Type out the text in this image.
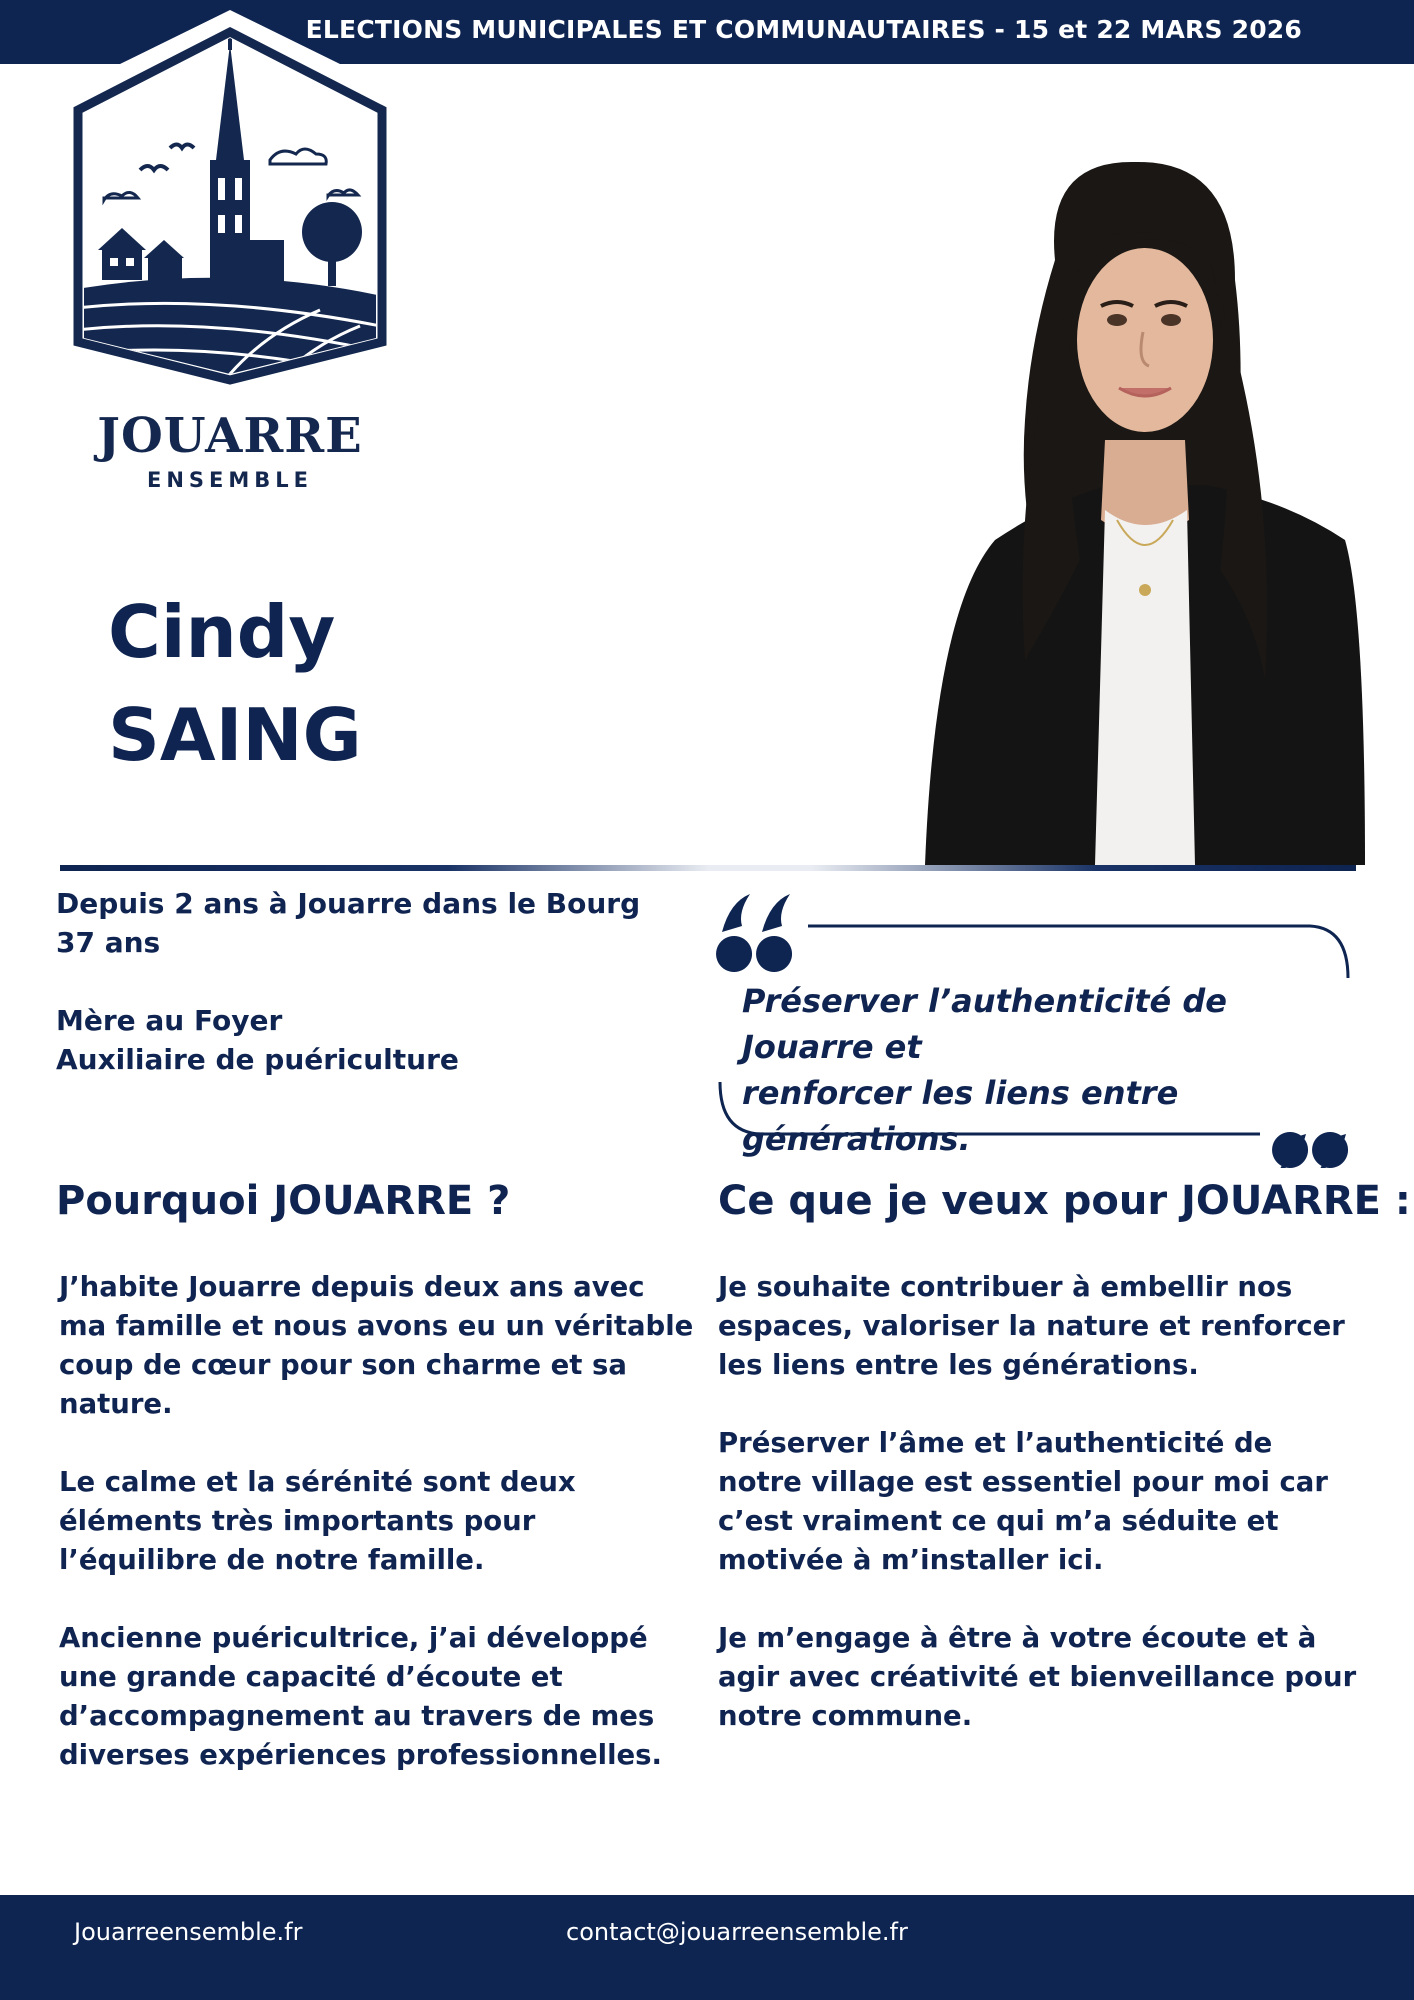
ELECTIONS MUNICIPALES ET COMMUNAUTAIRES - 15 et 22 MARS 2026
JOUARRE
ENSEMBLE
Cindy
SAING
Depuis 2 ans à Jouarre dans le Bourg
37 ans

Mère au Foyer
Auxiliaire de puériculture
Préserver l’authenticité de Jouarre et
renforcer les liens entre générations.
Pourquoi JOUARRE ?	Ce que je veux pour JOUARRE :

J’habite Jouarre depuis deux ans avec ma famille et nous avons eu un véritable coup de cœur pour son charme et sa nature.

Le calme et la sérénité sont deux éléments très importants pour l’équilibre de notre famille.

Ancienne puéricultrice, j’ai développé une grande capacité d’écoute et d’accompagnement au travers de mes diverses expériences professionnelles.

Je souhaite contribuer à embellir nos espaces, valoriser la nature et renforcer les liens entre les générations.

Préserver l’âme et l’authenticité de notre village est essentiel pour moi car c’est vraiment ce qui m’a séduite et motivée à m’installer ici.

Je m’engage à être à votre écoute et à agir avec créativité et bienveillance pour notre commune.

Jouarreensemble.fr	contact@jouarreensemble.fr
